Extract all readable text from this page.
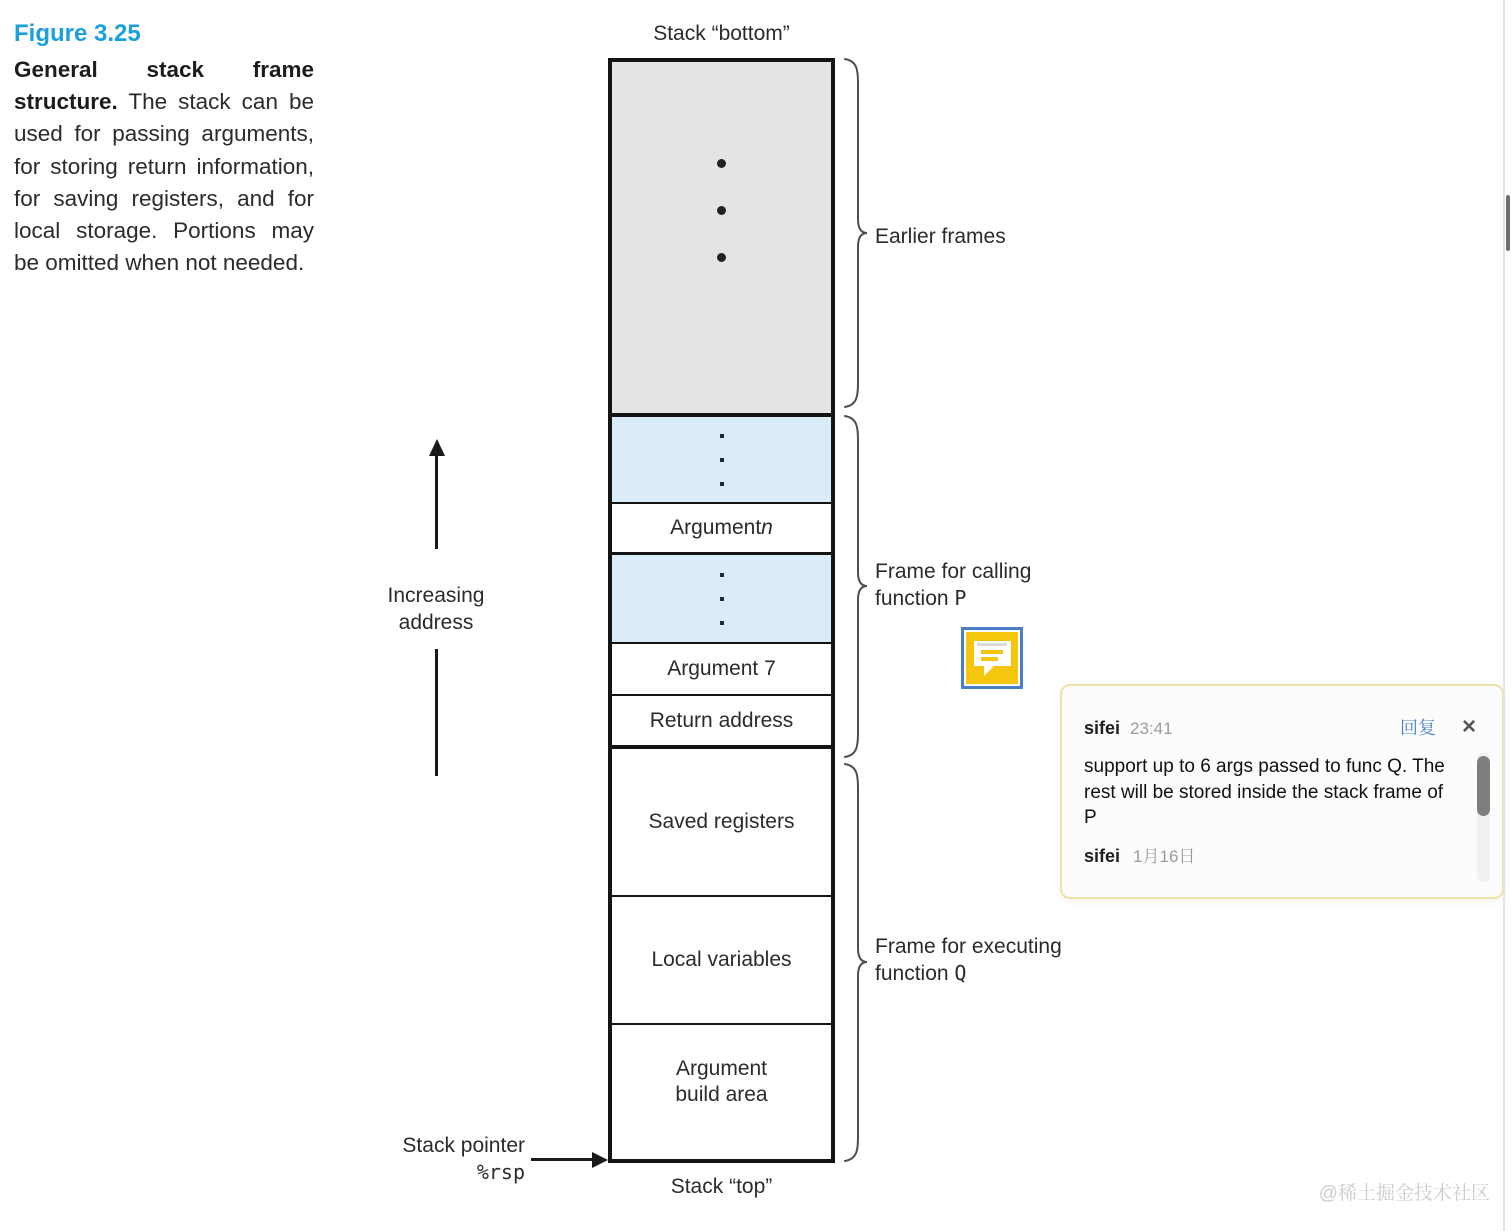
Figure 3.25

General stack frame structure. The stack can be used for passing arguments, for storing return information, for saving registers, and for local storage. Portions may be omitted when not needed.

Stack “bottom”
Stack “top”
Argument n
Argument 7
Return address
Saved registers
Local variables
Argument
build area
Increasing
address
Stack pointer
%rsp
Earlier frames
Frame for calling
function P
Frame for executing
function Q
sifei 23:41	回复 ×
support up to 6 args passed to func Q. The rest will be stored inside the stack frame of P
sifei 1月16日
@稀土掘金技术社区
